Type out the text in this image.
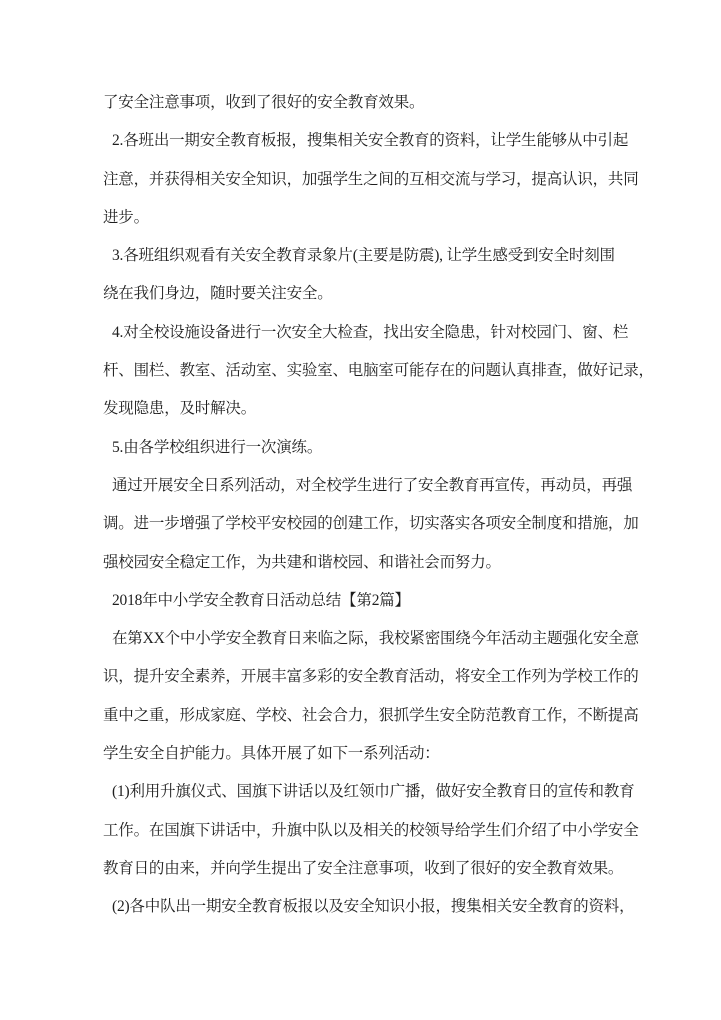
了安全注意事项，收到了很好的安全教育效果。
2.各班出一期安全教育板报，搜集相关安全教育的资料，让学生能够从中引起
注意，并获得相关安全知识，加强学生之间的互相交流与学习，提高认识，共同
进步。
3.各班组织观看有关安全教育录象片(主要是防震), 让学生感受到安全时刻围
绕在我们身边，随时要关注安全。
4.对全校设施设备进行一次安全大检查，找出安全隐患，针对校园门、窗、栏
杆、围栏、教室、活动室、实验室、电脑室可能存在的问题认真排查，做好记录，
发现隐患，及时解决。
5.由各学校组织进行一次演练。
通过开展安全日系列活动，对全校学生进行了安全教育再宣传，再动员，再强
调。进一步增强了学校平安校园的创建工作，切实落实各项安全制度和措施，加
强校园安全稳定工作，为共建和谐校园、和谐社会而努力。
2018年中小学安全教育日活动总结【第2篇】
在第XX个中小学安全教育日来临之际，我校紧密围绕今年活动主题强化安全意
识，提升安全素养，开展丰富多彩的安全教育活动，将安全工作列为学校工作的
重中之重，形成家庭、学校、社会合力，狠抓学生安全防范教育工作，不断提高
学生安全自护能力。具体开展了如下一系列活动：
(1)利用升旗仪式、国旗下讲话以及红领巾广播，做好安全教育日的宣传和教育
工作。在国旗下讲话中，升旗中队以及相关的校领导给学生们介绍了中小学安全
教育日的由来，并向学生提出了安全注意事项，收到了很好的安全教育效果。
(2)各中队出一期安全教育板报以及安全知识小报，搜集相关安全教育的资料，
